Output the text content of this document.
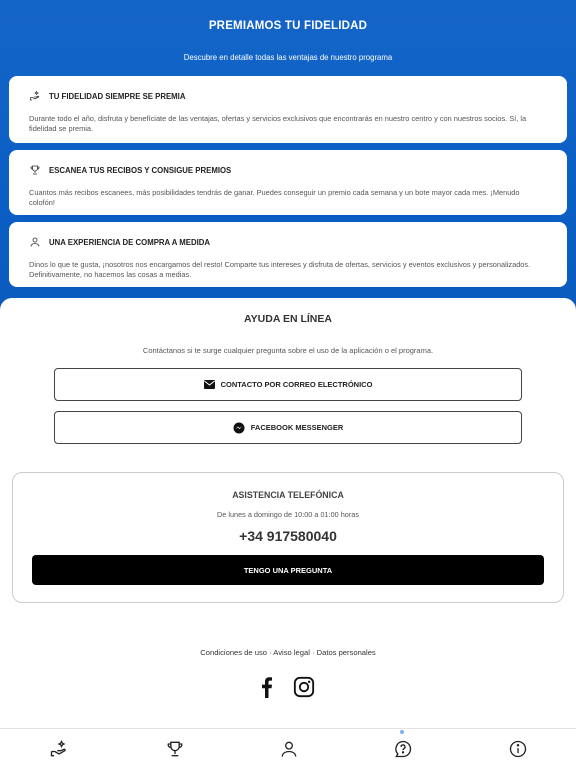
PREMIAMOS TU FIDELIDAD
Descubre en detalle todas las ventajas de nuestro programa
TU FIDELIDAD SIEMPRE SE PREMIA
Durante todo el año, disfruta y benefíciate de las ventajas, ofertas y servicios exclusivos que encontrarás en nuestro centro y con nuestros socios. Sí, la fidelidad se premia.
ESCANEA TUS RECIBOS Y CONSIGUE PREMIOS
Cuantos más recibos escanees, más posibilidades tendrás de ganar. Puedes conseguir un premio cada semana y un bote mayor cada mes. ¡Menudo colofón!
UNA EXPERIENCIA DE COMPRA A MEDIDA
Dinos lo que te gusta, ¡nosotros nos encargamos del resto! Comparte tus intereses y disfruta de ofertas, servicios y eventos exclusivos y personalizados. Definitivamente, no hacemos las cosas a medias.
AYUDA EN LÍNEA
Contáctanos si te surge cualquier pregunta sobre el uso de la aplicación o el programa.
CONTACTO POR CORREO ELECTRÓNICO
FACEBOOK MESSENGER
ASISTENCIA TELEFÓNICA
De lunes a domingo de 10:00 a 01:00 horas
+34 917580040
TENGO UNA PREGUNTA
Condiciones de uso · Aviso legal · Datos personales
